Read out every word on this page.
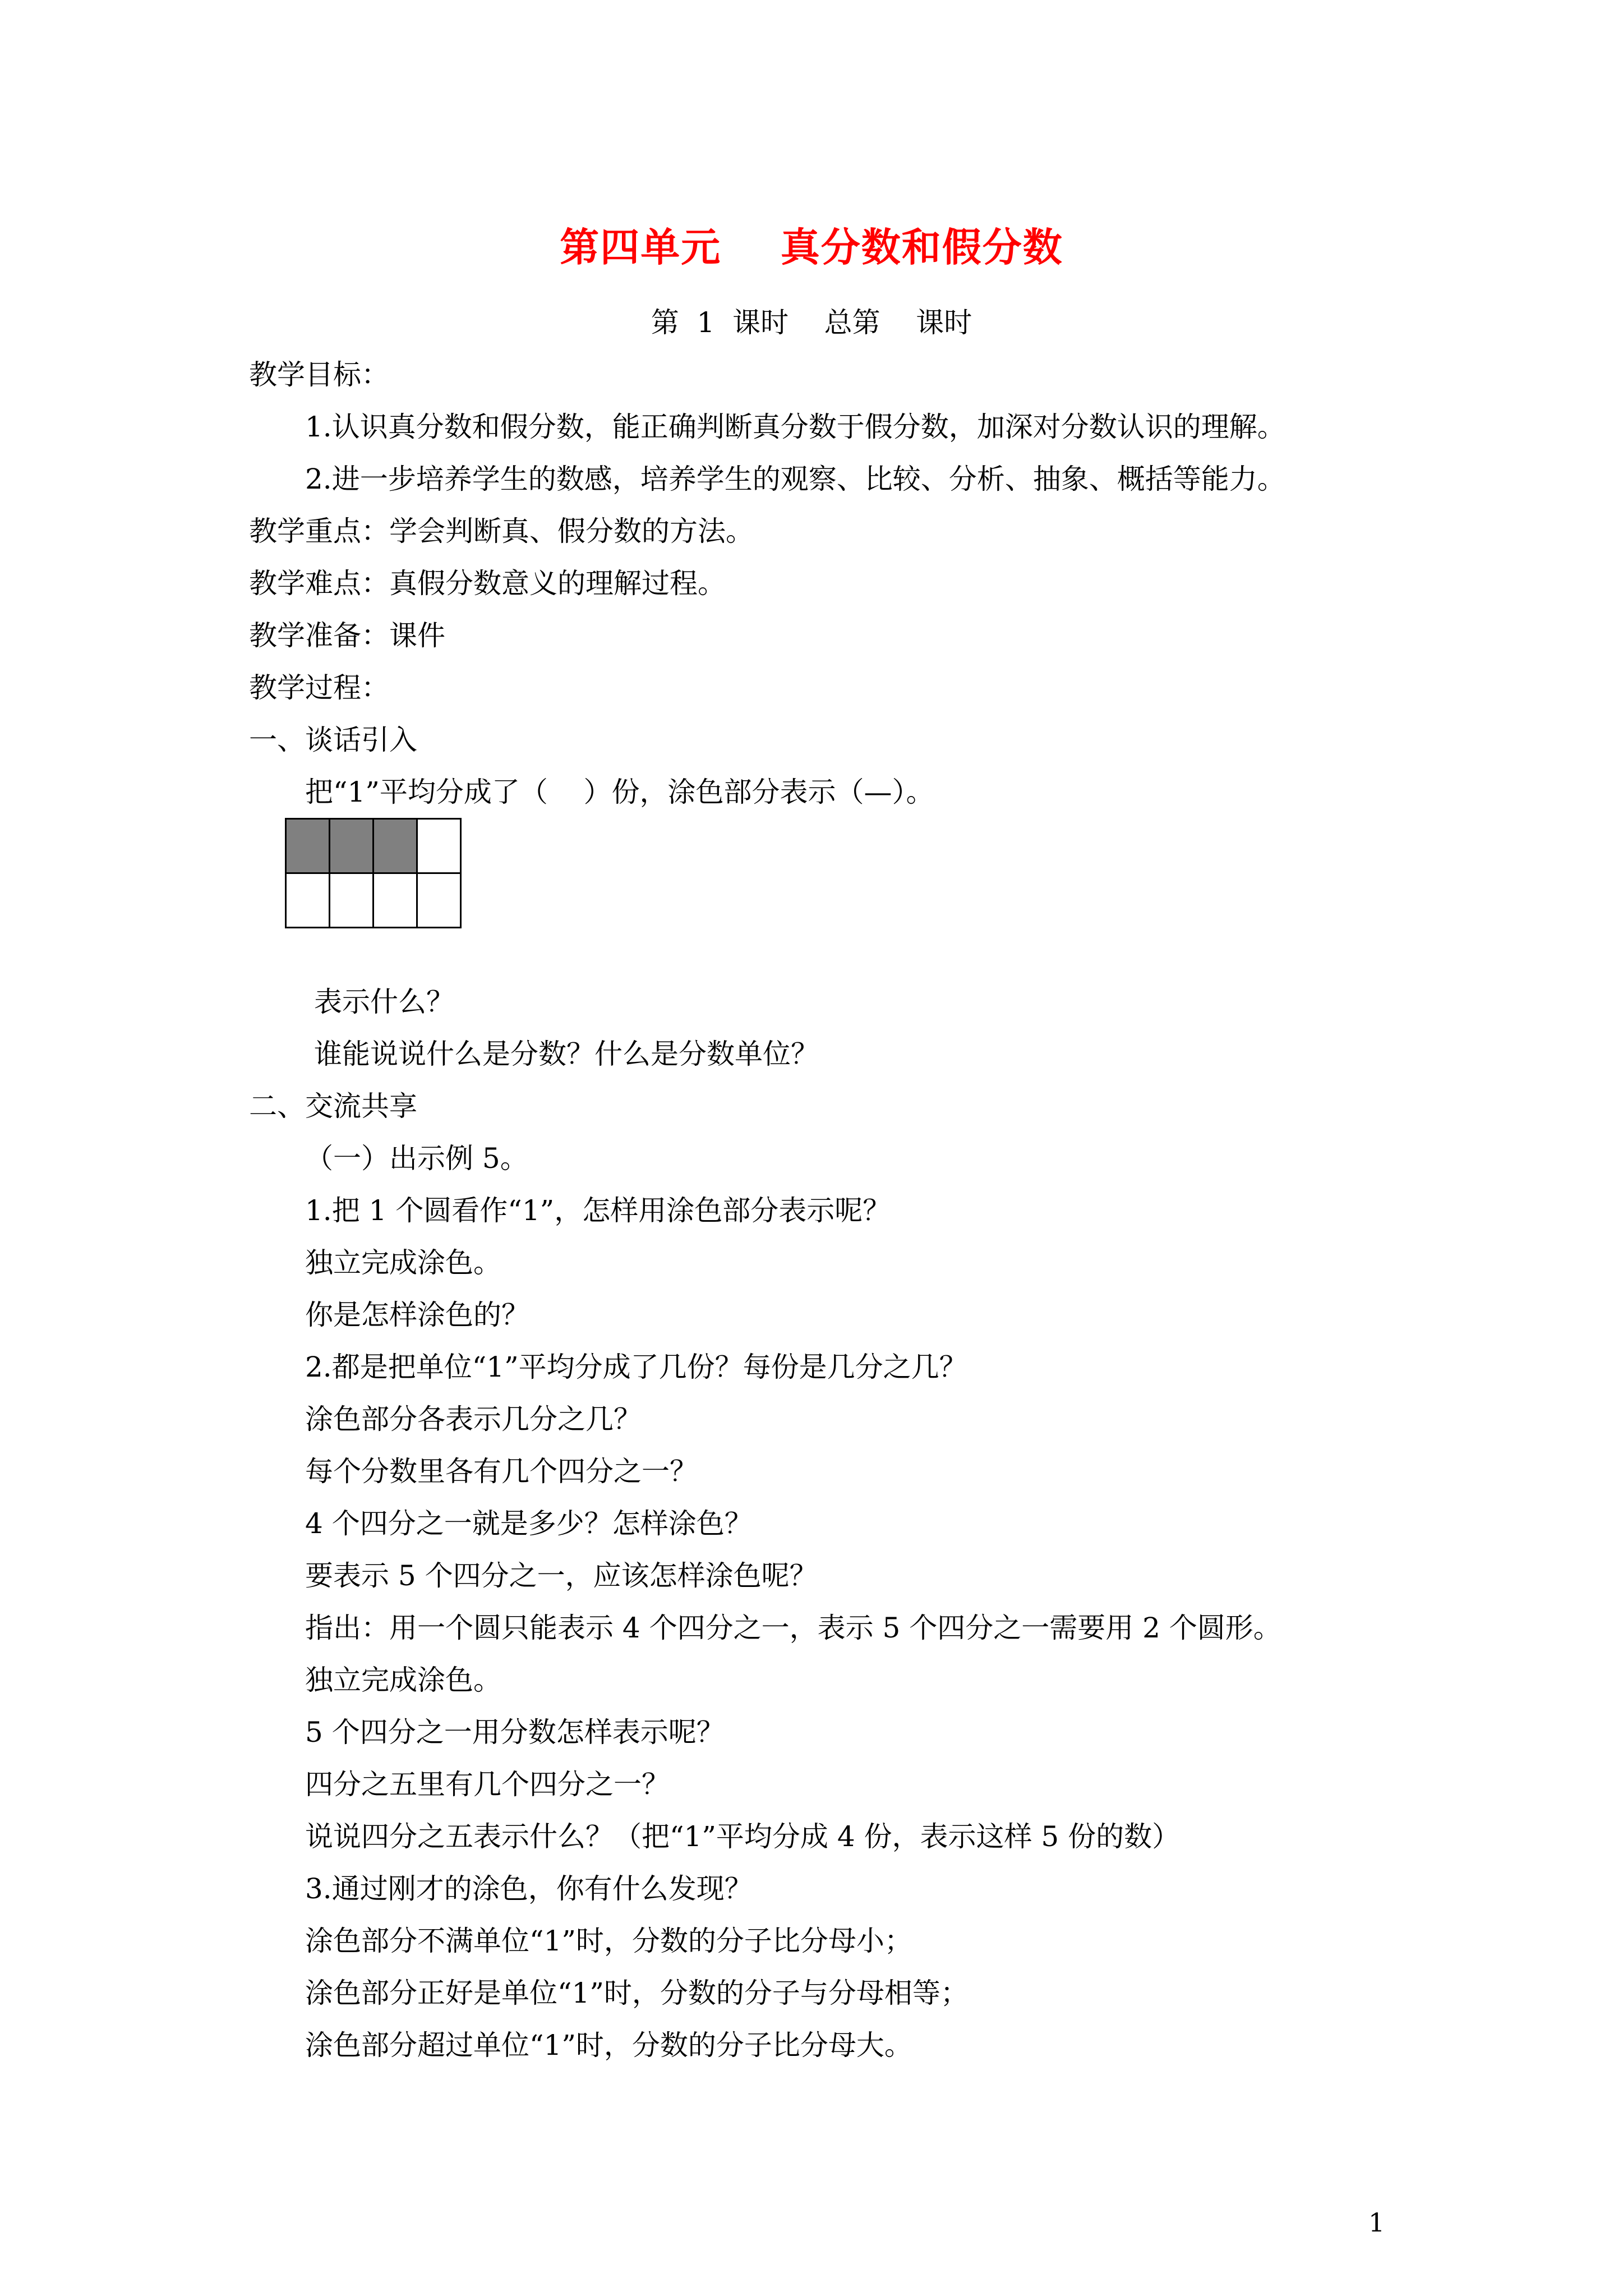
第四单元    真分数和假分数
第  1  课时    总第    课时
教学目标：
1.认识真分数和假分数，能正确判断真分数于假分数，加深对分数认识的理解。
2.进一步培养学生的数感，培养学生的观察、比较、分析、抽象、概括等能力。
教学重点：学会判断真、假分数的方法。
教学难点：真假分数意义的理解过程。
教学准备：课件
教学过程：
一、谈话引入
把“1”平均分成了（    ）份，涂色部分表示（—）。
表示什么？
谁能说说什么是分数？什么是分数单位？
二、交流共享
（一）出示例 5。
1.把 1 个圆看作“1”，怎样用涂色部分表示呢？
独立完成涂色。
你是怎样涂色的？
2.都是把单位“1”平均分成了几份？每份是几分之几？
涂色部分各表示几分之几？
每个分数里各有几个四分之一？
4 个四分之一就是多少？怎样涂色？
要表示 5 个四分之一，应该怎样涂色呢？
指出：用一个圆只能表示 4 个四分之一，表示 5 个四分之一需要用 2 个圆形。
独立完成涂色。
5 个四分之一用分数怎样表示呢？
四分之五里有几个四分之一？
说说四分之五表示什么？（把“1”平均分成 4 份，表示这样 5 份的数）
3.通过刚才的涂色，你有什么发现？
涂色部分不满单位“1”时，分数的分子比分母小；
涂色部分正好是单位“1”时，分数的分子与分母相等；
涂色部分超过单位“1”时，分数的分子比分母大。
1
